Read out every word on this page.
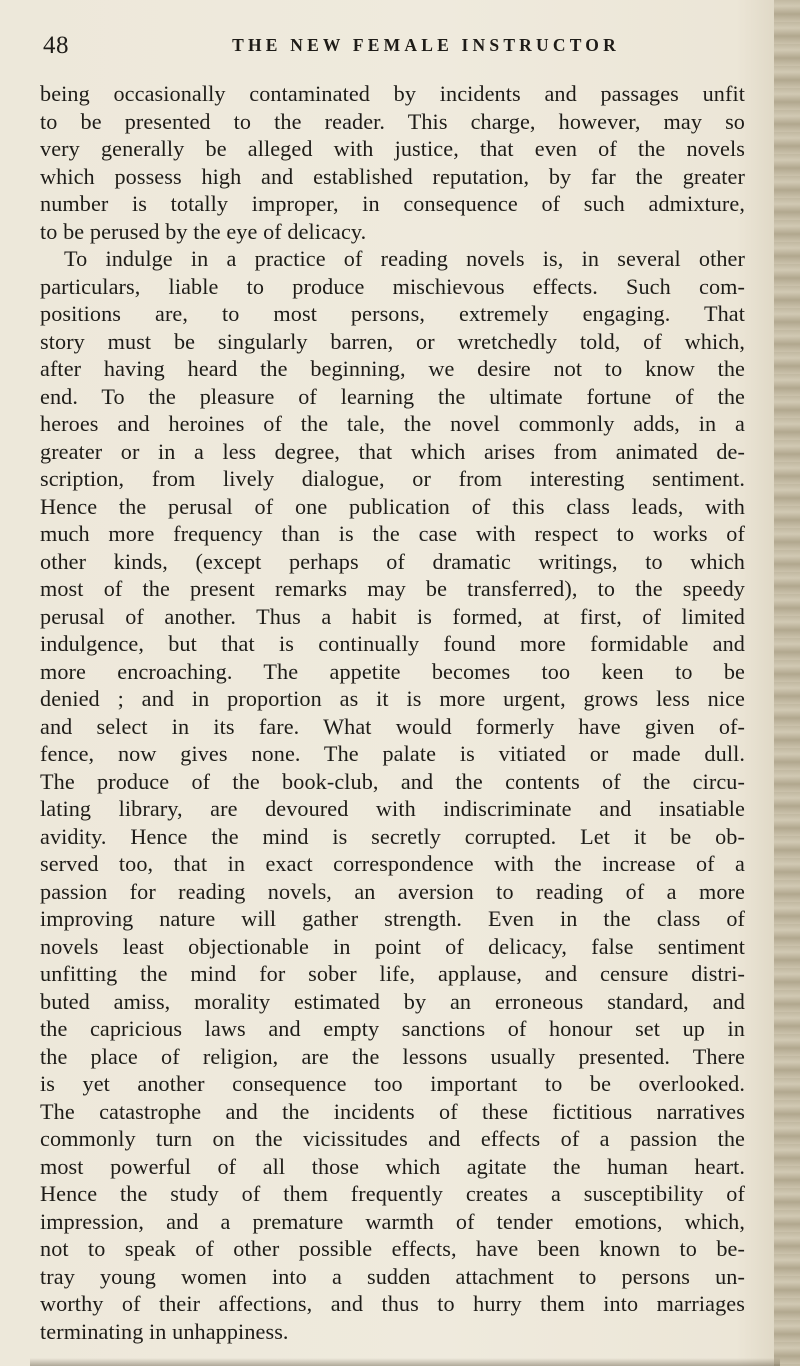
48	THE NEW FEMALE INSTRUCTOR
being occasionally contaminated by incidents and passages unfit
to be presented to the reader. This charge, however, may so
very generally be alleged with justice, that even of the novels
which possess high and established reputation, by far the greater
number is totally improper, in consequence of such admixture,
to be perused by the eye of delicacy.
To indulge in a practice of reading novels is, in several other
particulars, liable to produce mischievous effects. Such com-
positions are, to most persons, extremely engaging. That
story must be singularly barren, or wretchedly told, of which,
after having heard the beginning, we desire not to know the
end. To the pleasure of learning the ultimate fortune of the
heroes and heroines of the tale, the novel commonly adds, in a
greater or in a less degree, that which arises from animated de-
scription, from lively dialogue, or from interesting sentiment.
Hence the perusal of one publication of this class leads, with
much more frequency than is the case with respect to works of
other kinds, (except perhaps of dramatic writings, to which
most of the present remarks may be transferred), to the speedy
perusal of another. Thus a habit is formed, at first, of limited
indulgence, but that is continually found more formidable and
more encroaching. The appetite becomes too keen to be
denied ; and in proportion as it is more urgent, grows less nice
and select in its fare. What would formerly have given of-
fence, now gives none. The palate is vitiated or made dull.
The produce of the book-club, and the contents of the circu-
lating library, are devoured with indiscriminate and insatiable
avidity. Hence the mind is secretly corrupted. Let it be ob-
served too, that in exact correspondence with the increase of a
passion for reading novels, an aversion to reading of a more
improving nature will gather strength. Even in the class of
novels least objectionable in point of delicacy, false sentiment
unfitting the mind for sober life, applause, and censure distri-
buted amiss, morality estimated by an erroneous standard, and
the capricious laws and empty sanctions of honour set up in
the place of religion, are the lessons usually presented. There
is yet another consequence too important to be overlooked.
The catastrophe and the incidents of these fictitious narratives
commonly turn on the vicissitudes and effects of a passion the
most powerful of all those which agitate the human heart.
Hence the study of them frequently creates a susceptibility of
impression, and a premature warmth of tender emotions, which,
not to speak of other possible effects, have been known to be-
tray young women into a sudden attachment to persons un-
worthy of their affections, and thus to hurry them into marriages
terminating in unhappiness.
